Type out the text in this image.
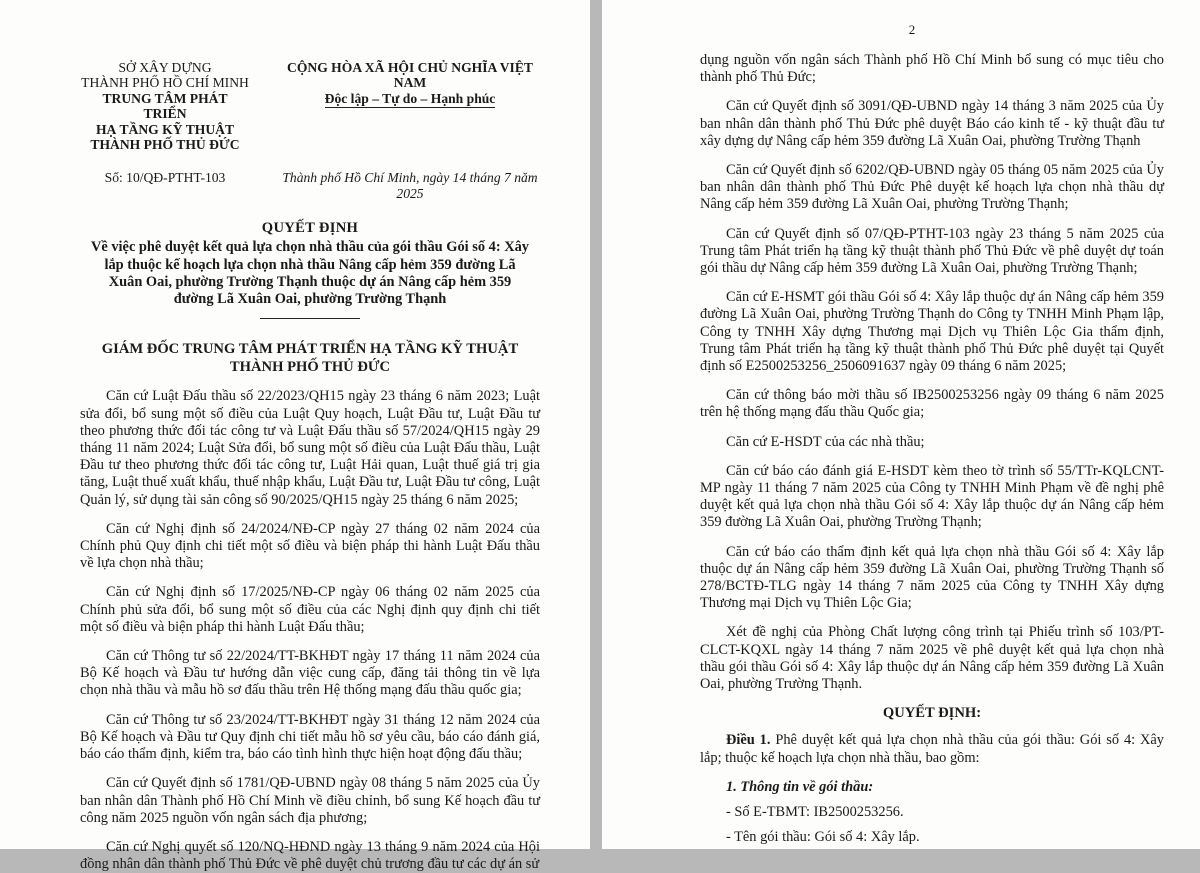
SỞ XÂY DỰNG
THÀNH PHỐ HỒ CHÍ MINH
TRUNG TÂM PHÁT TRIỂN
HẠ TẦNG KỸ THUẬT
THÀNH PHỐ THỦ ĐỨC
CỘNG HÒA XÃ HỘI CHỦ NGHĨA VIỆT NAM
Độc lập – Tự do – Hạnh phúc
Số: 10/QĐ-PTHT-103	Thành phố Hồ Chí Minh, ngày 14 tháng 7 năm 2025
QUYẾT ĐỊNH
Về việc phê duyệt kết quả lựa chọn nhà thầu của gói thầu Gói số 4: Xây lắp thuộc kế hoạch lựa chọn nhà thầu Nâng cấp hẻm 359 đường Lã Xuân Oai, phường Trường Thạnh thuộc dự án Nâng cấp hẻm 359 đường Lã Xuân Oai, phường Trường Thạnh
GIÁM ĐỐC TRUNG TÂM PHÁT TRIỂN HẠ TẦNG KỸ THUẬT THÀNH PHỐ THỦ ĐỨC

Căn cứ Luật Đấu thầu số 22/2023/QH15 ngày 23 tháng 6 năm 2023; Luật sửa đổi, bổ sung một số điều của Luật Quy hoạch, Luật Đầu tư, Luật Đầu tư theo phương thức đối tác công tư và Luật Đấu thầu số 57/2024/QH15 ngày 29 tháng 11 năm 2024; Luật Sửa đổi, bổ sung một số điều của Luật Đấu thầu, Luật Đầu tư theo phương thức đối tác công tư, Luật Hải quan, Luật thuế giá trị gia tăng, Luật thuế xuất khẩu, thuế nhập khẩu, Luật Đầu tư, Luật Đầu tư công, Luật Quản lý, sử dụng tài sản công số 90/2025/QH15 ngày 25 tháng 6 năm 2025;

Căn cứ Nghị định số 24/2024/NĐ-CP ngày 27 tháng 02 năm 2024 của Chính phủ Quy định chi tiết một số điều và biện pháp thi hành Luật Đấu thầu về lựa chọn nhà thầu;

Căn cứ Nghị định số 17/2025/NĐ-CP ngày 06 tháng 02 năm 2025 của Chính phủ sửa đổi, bổ sung một số điều của các Nghị định quy định chi tiết một số điều và biện pháp thi hành Luật Đấu thầu;

Căn cứ Thông tư số 22/2024/TT-BKHĐT ngày 17 tháng 11 năm 2024 của Bộ Kế hoạch và Đầu tư hướng dẫn việc cung cấp, đăng tải thông tin về lựa chọn nhà thầu và mẫu hồ sơ đấu thầu trên Hệ thống mạng đấu thầu quốc gia;

Căn cứ Thông tư số 23/2024/TT-BKHĐT ngày 31 tháng 12 năm 2024 của Bộ Kế hoạch và Đầu tư Quy định chi tiết mẫu hồ sơ yêu cầu, báo cáo đánh giá, báo cáo thẩm định, kiểm tra, báo cáo tình hình thực hiện hoạt động đấu thầu;

Căn cứ Quyết định số 1781/QĐ-UBND ngày 08 tháng 5 năm 2025 của Ủy ban nhân dân Thành phố Hồ Chí Minh về điều chỉnh, bổ sung Kế hoạch đầu tư công năm 2025 nguồn vốn ngân sách địa phương;

Căn cứ Nghị quyết số 120/NQ-HĐND ngày 13 tháng 9 năm 2024 của Hội đồng nhân dân thành phố Thủ Đức về phê duyệt chủ trương đầu tư các dự án sử

2

dụng nguồn vốn ngân sách Thành phố Hồ Chí Minh bổ sung có mục tiêu cho thành phố Thủ Đức;

Căn cứ Quyết định số 3091/QĐ-UBND ngày 14 tháng 3 năm 2025 của Ủy ban nhân dân thành phố Thủ Đức phê duyệt Báo cáo kinh tế - kỹ thuật đầu tư xây dựng dự Nâng cấp hẻm 359 đường Lã Xuân Oai, phường Trường Thạnh

Căn cứ Quyết định số 6202/QĐ-UBND ngày 05 tháng 05 năm 2025 của Ủy ban nhân dân thành phố Thủ Đức Phê duyệt kế hoạch lựa chọn nhà thầu dự Nâng cấp hẻm 359 đường Lã Xuân Oai, phường Trường Thạnh;

Căn cứ Quyết định số 07/QĐ-PTHT-103 ngày 23 tháng 5 năm 2025 của Trung tâm Phát triển hạ tầng kỹ thuật thành phố Thủ Đức về phê duyệt dự toán gói thầu dự Nâng cấp hẻm 359 đường Lã Xuân Oai, phường Trường Thạnh;

Căn cứ E-HSMT gói thầu Gói số 4: Xây lắp thuộc dự án Nâng cấp hẻm 359 đường Lã Xuân Oai, phường Trường Thạnh do Công ty TNHH Minh Phạm lập, Công ty TNHH Xây dựng Thương mại Dịch vụ Thiên Lộc Gia thẩm định, Trung tâm Phát triển hạ tầng kỹ thuật thành phố Thủ Đức phê duyệt tại Quyết định số E2500253256_2506091637 ngày 09 tháng 6 năm 2025;

Căn cứ thông báo mời thầu số IB2500253256 ngày 09 tháng 6 năm 2025 trên hệ thống mạng đấu thầu Quốc gia;

Căn cứ E-HSDT của các nhà thầu;

Căn cứ báo cáo đánh giá E-HSDT kèm theo tờ trình số 55/TTr-KQLCNT-MP ngày 11 tháng 7 năm 2025 của Công ty TNHH Minh Phạm về đề nghị phê duyệt kết quả lựa chọn nhà thầu Gói số 4: Xây lắp thuộc dự án Nâng cấp hẻm 359 đường Lã Xuân Oai, phường Trường Thạnh;

Căn cứ báo cáo thẩm định kết quả lựa chọn nhà thầu Gói số 4: Xây lắp thuộc dự án Nâng cấp hẻm 359 đường Lã Xuân Oai, phường Trường Thạnh số 278/BCTĐ-TLG ngày 14 tháng 7 năm 2025 của Công ty TNHH Xây dựng Thương mại Dịch vụ Thiên Lộc Gia;

Xét đề nghị của Phòng Chất lượng công trình tại Phiếu trình số 103/PT-CLCT-KQXL ngày 14 tháng 7 năm 2025 về phê duyệt kết quả lựa chọn nhà thầu gói thầu Gói số 4: Xây lắp thuộc dự án Nâng cấp hẻm 359 đường Lã Xuân Oai, phường Trường Thạnh.

QUYẾT ĐỊNH:

Điều 1. Phê duyệt kết quả lựa chọn nhà thầu của gói thầu: Gói số 4: Xây lắp; thuộc kế hoạch lựa chọn nhà thầu, bao gồm:

1. Thông tin về gói thầu:

- Số E-TBMT: IB2500253256.

- Tên gói thầu: Gói số 4: Xây lắp.
